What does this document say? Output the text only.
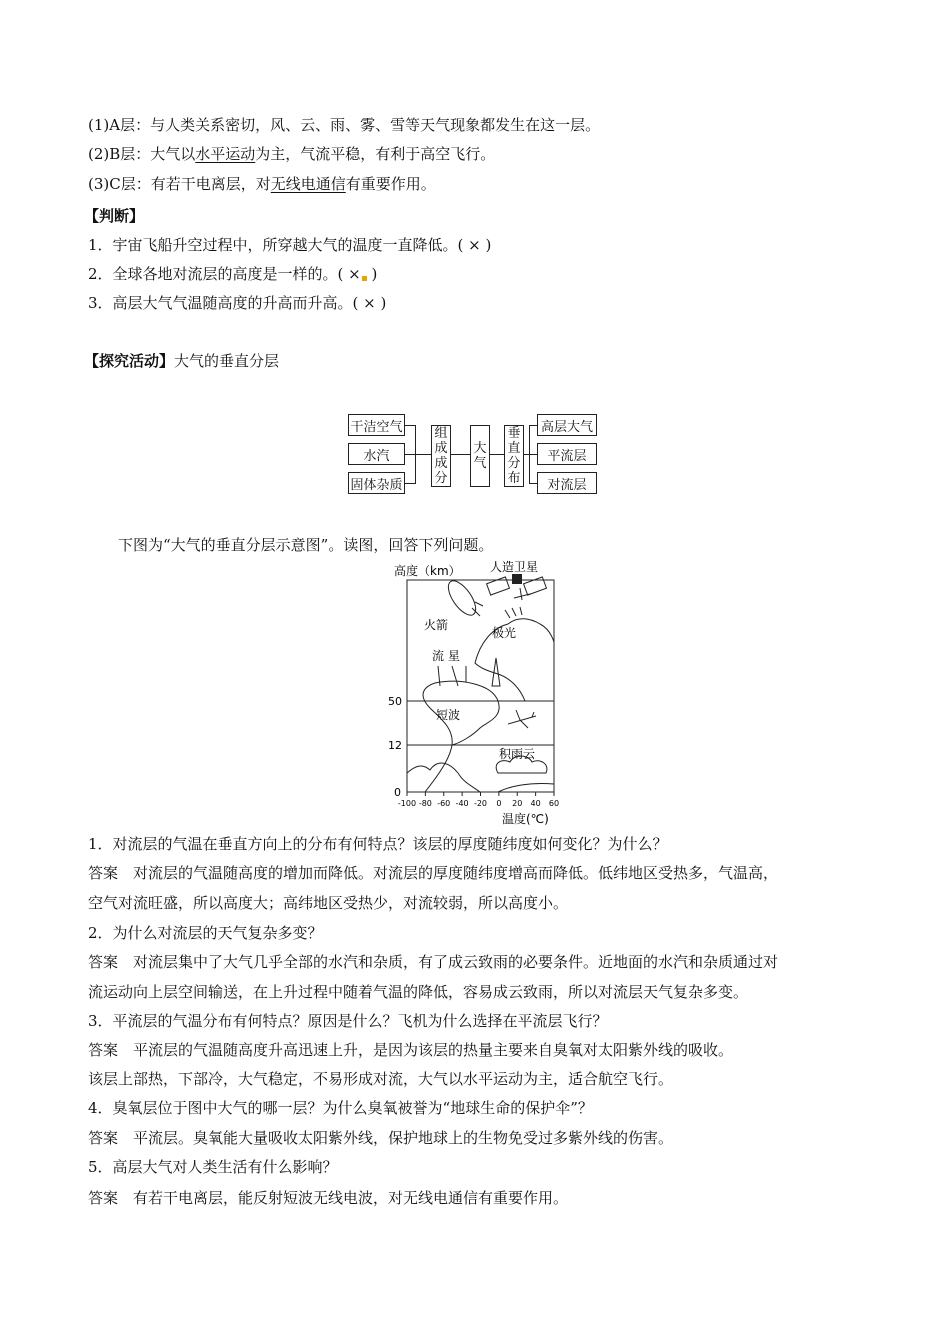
(1)A层：与人类关系密切，风、云、雨、雾、雪等天气现象都发生在这一层。
(2)B层：大气以水平运动为主，气流平稳，有利于高空飞行。
(3)C层：有若干电离层，对无线电通信有重要作用。
【判断】
1．宇宙飞船升空过程中，所穿越大气的温度一直降低。( × )
2．全球各地对流层的高度是一样的。( × )
3．高层大气气温随高度的升高而升高。( × )
【探究活动】大气的垂直分层
干洁空气
水汽
固体杂质
组
成
成
分
大
气
垂
直
分
布
高层大气
平流层
对流层
下图为“大气的垂直分层示意图”。读图，回答下列问题。
高度（km） 人造卫星
火箭
极光
流 星
短波
积雨云
50
12
0
-100 -80 -60 -40 -20 0 20 40 60
温度(℃)
1．对流层的气温在垂直方向上的分布有何特点？该层的厚度随纬度如何变化？为什么？
答案　对流层的气温随高度的增加而降低。对流层的厚度随纬度增高而降低。低纬地区受热多，气温高，
空气对流旺盛，所以高度大；高纬地区受热少，对流较弱，所以高度小。
2．为什么对流层的天气复杂多变？
答案　对流层集中了大气几乎全部的水汽和杂质，有了成云致雨的必要条件。近地面的水汽和杂质通过对
流运动向上层空间输送，在上升过程中随着气温的降低，容易成云致雨，所以对流层天气复杂多变。
3．平流层的气温分布有何特点？原因是什么？飞机为什么选择在平流层飞行？
答案　平流层的气温随高度升高迅速上升，是因为该层的热量主要来自臭氧对太阳紫外线的吸收。
该层上部热，下部冷，大气稳定，不易形成对流，大气以水平运动为主，适合航空飞行。
4．臭氧层位于图中大气的哪一层？为什么臭氧被誉为“地球生命的保护伞”？
答案　平流层。臭氧能大量吸收太阳紫外线，保护地球上的生物免受过多紫外线的伤害。
5．高层大气对人类生活有什么影响？
答案　有若干电离层，能反射短波无线电波，对无线电通信有重要作用。
